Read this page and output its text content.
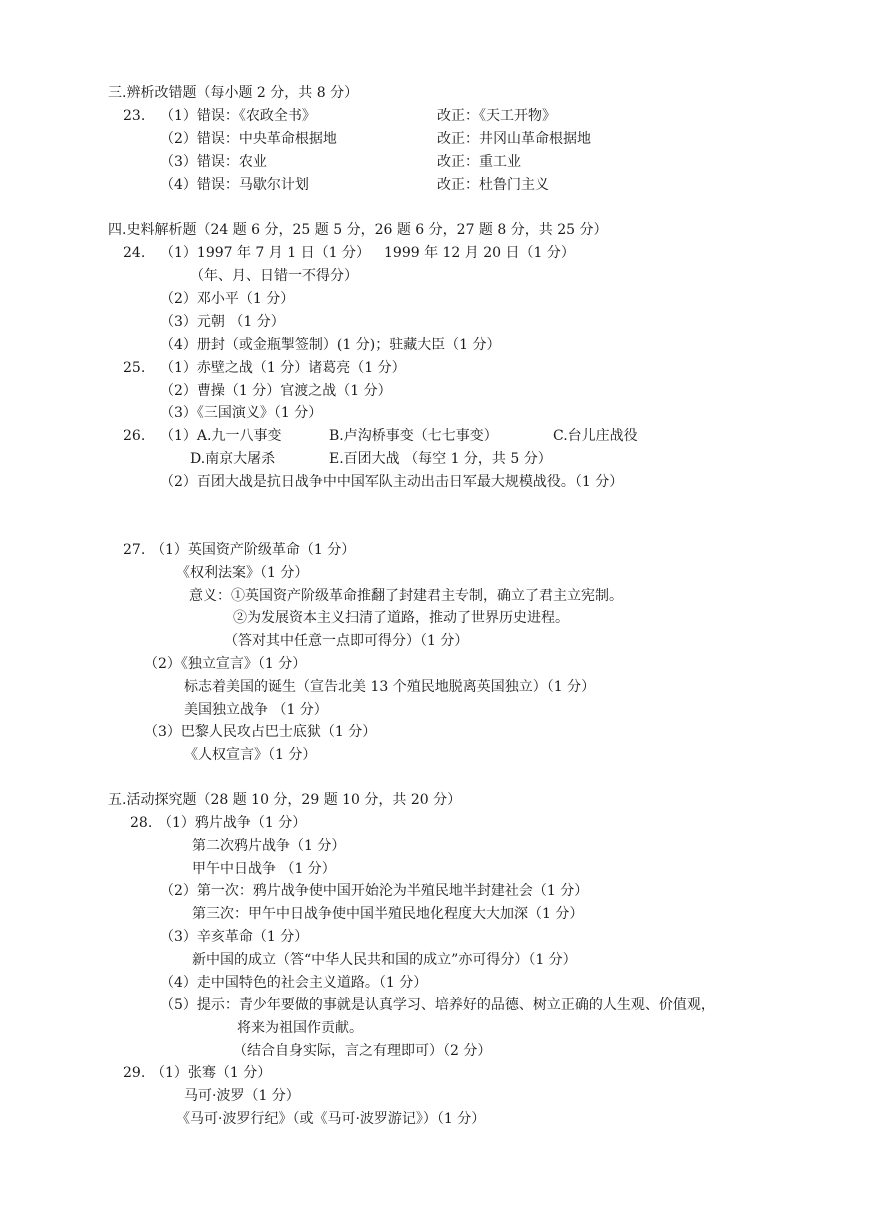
三.辨析改错题（每小题 2 分，共 8 分）
23. （1）错误：《农政全书》	改正：《天工开物》
（2）错误：中央革命根据地	改正：井冈山革命根据地
（3）错误：农业	改正：重工业
（4）错误：马歇尔计划	改正：杜鲁门主义
四.史料解析题（24 题 6 分，25 题 5 分，26 题 6 分，27 题 8 分，共 25 分）
24. （1）1997 年 7 月 1 日（1 分） 1999 年 12 月 20 日（1 分）
（年、月、日错一不得分）
（2）邓小平（1 分）
（3）元朝 （1 分）
（4）册封（或金瓶掣签制）(1 分)；驻藏大臣（1 分）
25. （1）赤壁之战（1 分）诸葛亮（1 分）
（2）曹操（1 分）官渡之战（1 分）
（3）《三国演义》（1 分）
26. （1）A.九一八事变	B.卢沟桥事变（七七事变）	C.台儿庄战役
D.南京大屠杀	E.百团大战 （每空 1 分，共 5 分）
（2）百团大战是抗日战争中中国军队主动出击日军最大规模战役。（1 分）
27. （1）英国资产阶级革命（1 分）
《权利法案》（1 分）
意义：①英国资产阶级革命推翻了封建君主专制，确立了君主立宪制。
②为发展资本主义扫清了道路，推动了世界历史进程。
（答对其中任意一点即可得分）（1 分）
（2）《独立宣言》（1 分）
标志着美国的诞生（宣告北美 13 个殖民地脱离英国独立）（1 分）
美国独立战争 （1 分）
（3）巴黎人民攻占巴士底狱（1 分）
《人权宣言》（1 分）
五.活动探究题（28 题 10 分，29 题 10 分，共 20 分）
28. （1）鸦片战争（1 分）
第二次鸦片战争（1 分）
甲午中日战争 （1 分）
（2）第一次：鸦片战争使中国开始沦为半殖民地半封建社会（1 分）
第三次：甲午中日战争使中国半殖民地化程度大大加深（1 分）
（3）辛亥革命（1 分）
新中国的成立（答“中华人民共和国的成立”亦可得分）（1 分）
（4）走中国特色的社会主义道路。（1 分）
（5）提示：青少年要做的事就是认真学习、培养好的品德、树立正确的人生观、价值观，
将来为祖国作贡献。
（结合自身实际，言之有理即可）（2 分）
29. （1）张骞（1 分）
马可·波罗（1 分）
《马可·波罗行纪》（或《马可·波罗游记》）（1 分）
